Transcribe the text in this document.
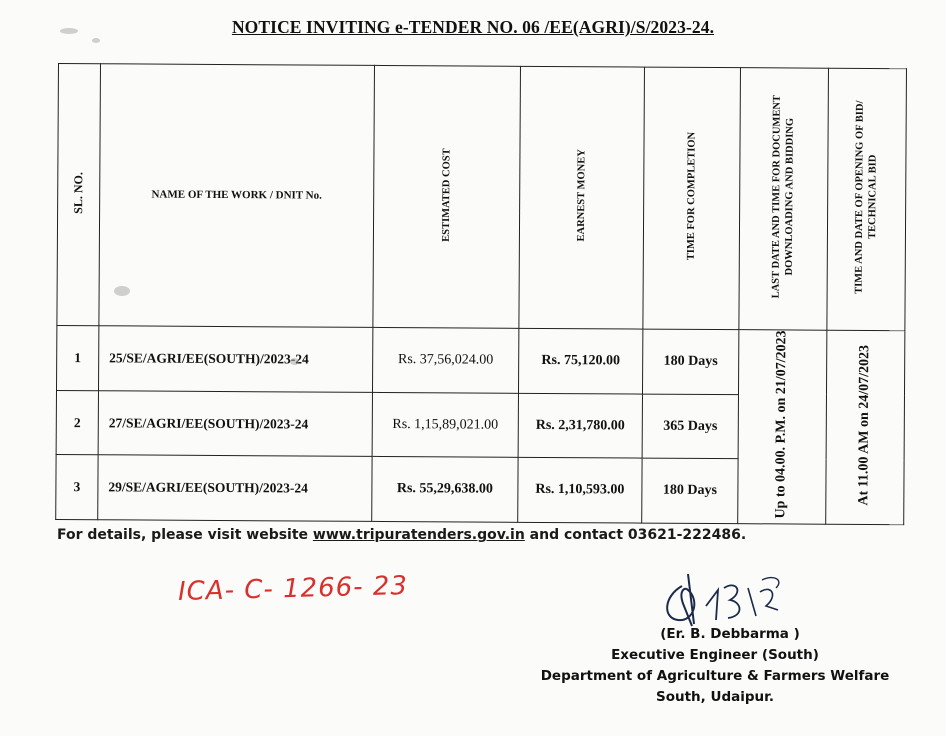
NOTICE INVITING e-TENDER NO. 06 /EE(AGRI)/S/2023-24.
SL. NO.	NAME OF THE WORK / DNIT No.	ESTIMATED COST	EARNEST MONEY	TIME FOR COMPLETION	LAST DATE AND TIME FOR DOCUMENT DOWNLOADING AND BIDDING	TIME AND DATE OF OPENING OF BID/ TECHNICAL BID
1	25/SE/AGRI/EE(SOUTH)/2023-24	Rs. 37,56,024.00	Rs. 75,120.00	180 Days	Up to 04.00. P.M. on 21/07/2023	At 11.00 AM on 24/07/2023
2	27/SE/AGRI/EE(SOUTH)/2023-24	Rs. 1,15,89,021.00	Rs. 2,31,780.00	365 Days		
3	29/SE/AGRI/EE(SOUTH)/2023-24	Rs. 55,29,638.00	Rs. 1,10,593.00	180 Days		
For details, please visit website www.tripuratenders.gov.in and contact 03621-222486.
ICA- C- 1266- 23
(Er. B. Debbarma )
Executive Engineer (South)
Department of Agriculture & Farmers Welfare
South, Udaipur.
